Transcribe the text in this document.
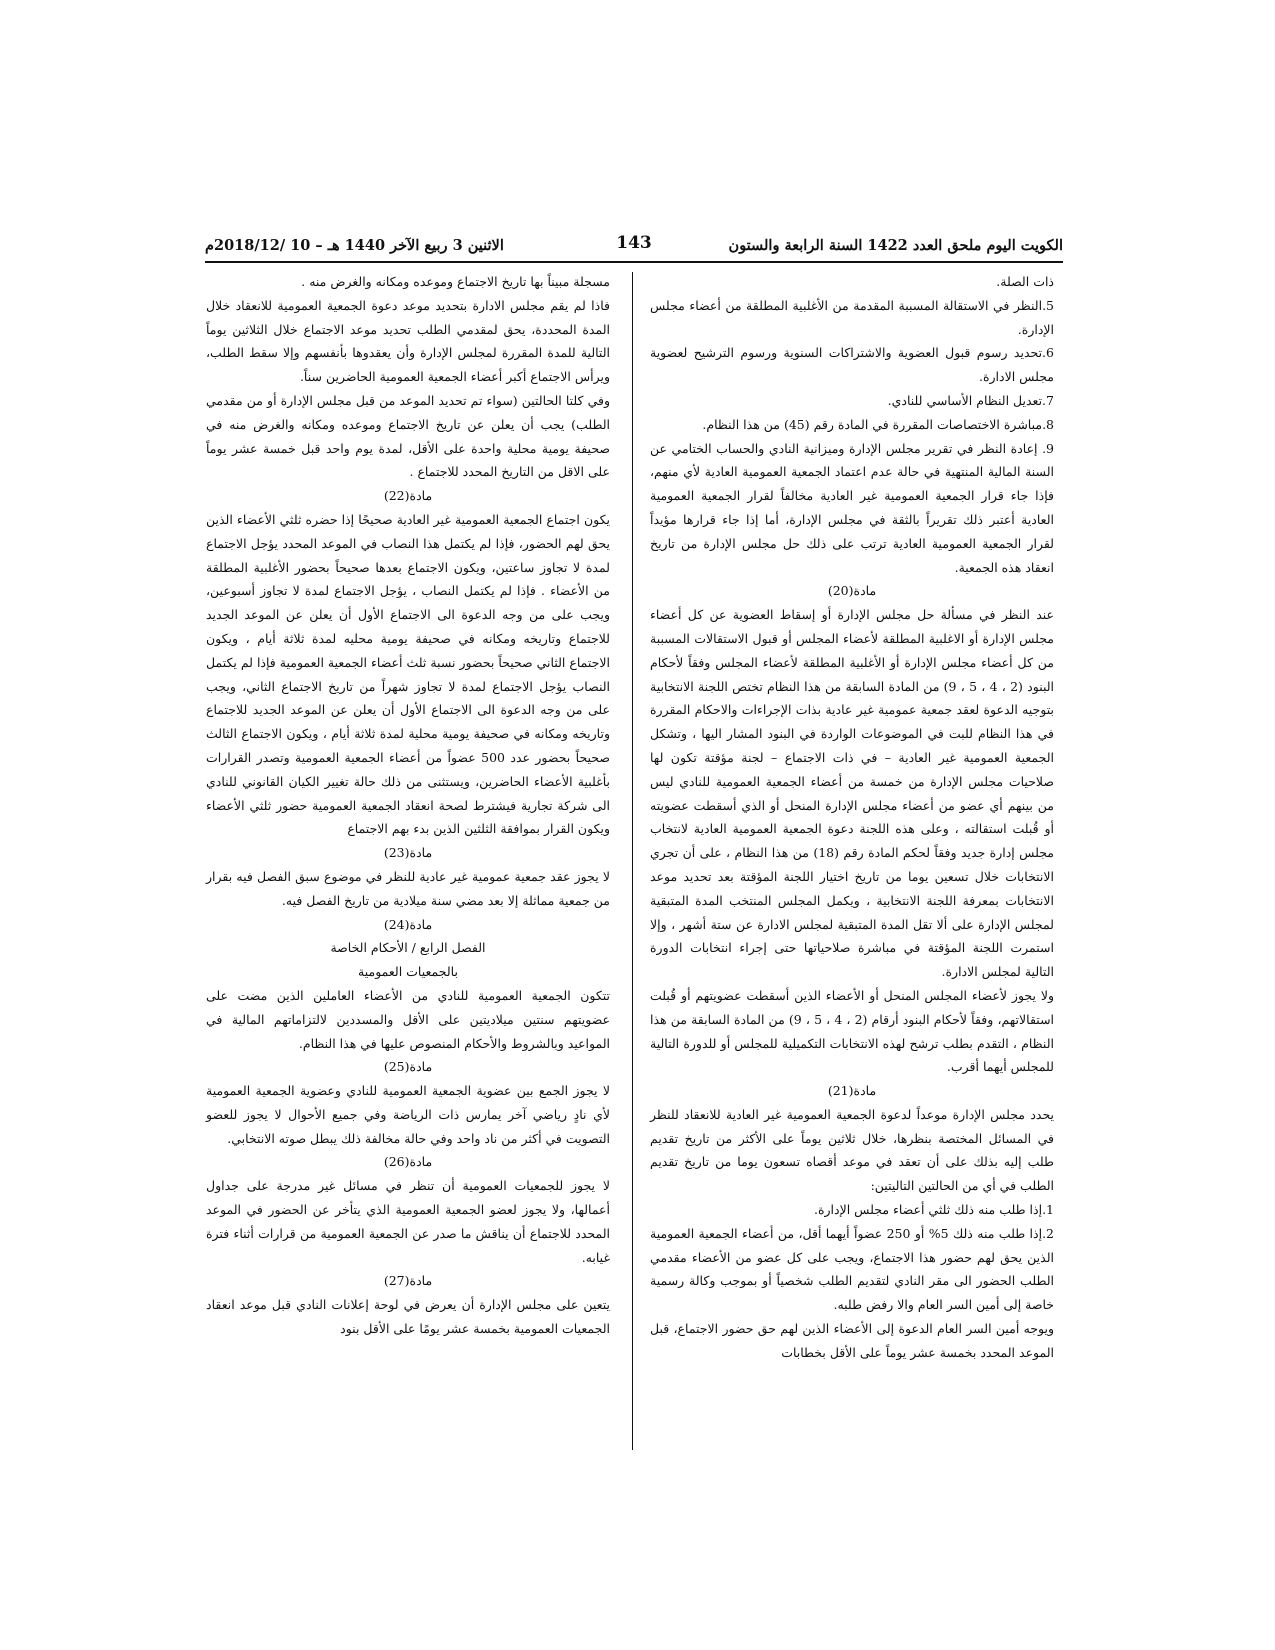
الكويت اليوم ملحق العدد 1422 السنة الرابعة والستون
143
الاثنين 3 ربيع الآخر 1440 هـ – 10 /2018/12م

ذات الصلة.

5.النظر في الاستقالة المسببة المقدمة من الأغلبية المطلقة من أعضاء مجلس الإدارة.

6.تحديد رسوم قبول العضوية والاشتراكات السنوية ورسوم الترشيح لعضوية مجلس الادارة.

7.تعديل النظام الأساسي للنادي.

8.مباشرة الاختصاصات المقررة في المادة رقم (45) من هذا النظام.

9. إعادة النظر في تقرير مجلس الإدارة وميزانية النادي والحساب الختامي عن السنة المالية المنتهية في حالة عدم اعتماد الجمعية العمومية العادية لأي منهم، فإذا جاء قرار الجمعية العمومية غير العادية مخالفاً لقرار الجمعية العمومية العادية أعتبر ذلك تقريراً بالثقة في مجلس الإدارة، أما إذا جاء قرارها مؤيداً لقرار الجمعية العمومية العادية ترتب على ذلك حل مجلس الإدارة من تاريخ انعقاد هذه الجمعية.

مادة(20)

عند النظر في مسألة حل مجلس الإدارة أو إسقاط العضوية عن كل أعضاء مجلس الإدارة أو الاغلبية المطلقة لأعضاء المجلس أو قبول الاستقالات المسببة من كل أعضاء مجلس الإدارة أو الأغلبية المطلقة لأعضاء المجلس وفقاً لأحكام البنود (2 ، 4 ، 5 ، 9) من المادة السابقة من هذا النظام تختص اللجنة الانتخابية بتوجيه الدعوة لعقد جمعية عمومية غير عادية بذات الإجراءات والاحكام المقررة في هذا النظام للبت في الموضوعات الواردة في البنود المشار اليها ، وتشكل الجمعية العمومية غير العادية – في ذات الاجتماع – لجنة مؤقتة تكون لها صلاحيات مجلس الإدارة من خمسة من أعضاء الجمعية العمومية للنادي ليس من بينهم أي عضو من أعضاء مجلس الإدارة المنحل أو الذي أسقطت عضويته أو قُبلت استقالته ، وعلى هذه اللجنة دعوة الجمعية العمومية العادية لانتخاب مجلس إدارة جديد وفقاً لحكم المادة رقم (18) من هذا النظام ، على أن تجري الانتخابات خلال تسعين يوما من تاريخ اختيار اللجنة المؤقتة بعد تحديد موعد الانتخابات بمعرفة اللجنة الانتخابية ، ويكمل المجلس المنتخب المدة المتبقية لمجلس الإدارة على ألا تقل المدة المتبقية لمجلس الادارة عن ستة أشهر ، وإلا استمرت اللجنة المؤقتة في مباشرة صلاحياتها حتى إجراء انتخابات الدورة التالية لمجلس الادارة.

ولا يجوز لأعضاء المجلس المنحل أو الأعضاء الذين أسقطت عضويتهم أو قُبلت استقالاتهم، وفقاً لأحكام البنود أرقام (2 ، 4 ، 5 ، 9) من المادة السابقة من هذا النظام ، التقدم بطلب ترشح لهذه الانتخابات التكميلية للمجلس أو للدورة التالية للمجلس أيهما أقرب.

مادة(21)

يحدد مجلس الإدارة موعداً لدعوة الجمعية العمومية غير العادية للانعقاد للنظر في المسائل المختصة بنظرها، خلال ثلاثين يوماً على الأكثر من تاريخ تقديم طلب إليه بذلك على أن تعقد في موعد أقصاه تسعون يوما من تاريخ تقديم الطلب في أي من الحالتين التاليتين:

1.إذا طلب منه ذلك ثلثي أعضاء مجلس الإدارة.

2.إذا طلب منه ذلك 5% أو 250 عضواً أيهما أقل، من أعضاء الجمعية العمومية الذين يحق لهم حضور هذا الاجتماع، ويجب على كل عضو من الأعضاء مقدمي الطلب الحضور الى مقر النادي لتقديم الطلب شخصياً أو بموجب وكالة رسمية خاصة إلى أمين السر العام والا رفض طلبه.

ويوجه أمين السر العام الدعوة إلى الأعضاء الذين لهم حق حضور الاجتماع، قبل الموعد المحدد بخمسة عشر يوماً على الأقل بخطابات

مسجلة مبيناً بها تاريخ الاجتماع وموعده ومكانه والغرض منه .

فاذا لم يقم مجلس الادارة بتحديد موعد دعوة الجمعية العمومية للانعقاد خلال المدة المحددة، يحق لمقدمي الطلب تحديد موعد الاجتماع خلال الثلاثين يوماً التالية للمدة المقررة لمجلس الإدارة وأن يعقدوها بأنفسهم وإلا سقط الطلب، ويرأس الاجتماع أكبر أعضاء الجمعية العمومية الحاضرين سناً.

وفي كلتا الحالتين (سواء تم تحديد الموعد من قبل مجلس الإدارة أو من مقدمي الطلب) يجب أن يعلن عن تاريخ الاجتماع وموعده ومكانه والغرض منه في صحيفة يومية محلية واحدة على الأقل، لمدة يوم واحد قبل خمسة عشر يوماً على الاقل من التاريخ المحدد للاجتماع .

مادة(22)

يكون اجتماع الجمعية العمومية غير العادية صحيحًا إذا حضره ثلثي الأعضاء الذين يحق لهم الحضور، فإذا لم يكتمل هذا النصاب في الموعد المحدد يؤجل الاجتماع لمدة لا تجاوز ساعتين، ويكون الاجتماع بعدها صحيحاً بحضور الأغلبية المطلقة من الأعضاء . فإذا لم يكتمل النصاب ، يؤجل الاجتماع لمدة لا تجاوز أسبوعين، ويجب على من وجه الدعوة الى الاجتماع الأول أن يعلن عن الموعد الجديد للاجتماع وتاريخه ومكانه في صحيفة يومية محليه لمدة ثلاثة أيام ، ويكون الاجتماع الثاني صحيحاً بحضور نسبة ثلث أعضاء الجمعية العمومية فإذا لم يكتمل النصاب يؤجل الاجتماع لمدة لا تجاوز شهراً من تاريخ الاجتماع الثاني، ويجب على من وجه الدعوة الى الاجتماع الأول أن يعلن عن الموعد الجديد للاجتماع وتاريخه ومكانه في صحيفة يومية محلية لمدة ثلاثة أيام ، ويكون الاجتماع الثالث صحيحاً بحضور عدد 500 عضواً من أعضاء الجمعية العمومية وتصدر القرارات بأغلبية الأعضاء الحاضرين، ويستثنى من ذلك حالة تغيير الكيان القانوني للنادي الى شركة تجارية فيشترط لصحة انعقاد الجمعية العمومية حضور ثلثي الأعضاء ويكون القرار بموافقة الثلثين الذين بدء بهم الاجتماع

مادة(23)

لا يجوز عقد جمعية عمومية غير عادية للنظر في موضوع سبق الفصل فيه بقرار من جمعية مماثلة إلا بعد مضي سنة ميلادية من تاريخ الفصل فيه.

مادة(24)

الفصل الرابع / الأحكام الخاصة

بالجمعيات العمومية

تتكون الجمعية العمومية للنادي من الأعضاء العاملين الذين مضت على عضويتهم سنتين ميلاديتين على الأقل والمسددين لالتزاماتهم المالية في المواعيد وبالشروط والأحكام المنصوص عليها في هذا النظام.

مادة(25)

لا يجوز الجمع بين عضوية الجمعية العمومية للنادي وعضوية الجمعية العمومية لأي نادٍ رياضي آخر يمارس ذات الرياضة وفي جميع الأحوال لا يجوز للعضو التصويت في أكثر من ناد واحد وفي حالة مخالفة ذلك يبطل صوته الانتخابي.

مادة(26)

لا يجوز للجمعيات العمومية أن تنظر في مسائل غير مدرجة على جداول أعمالها، ولا يجوز لعضو الجمعية العمومية الذي يتأخر عن الحضور في الموعد المحدد للاجتماع أن يناقش ما صدر عن الجمعية العمومية من قرارات أثناء فترة غيابه.

مادة(27)

يتعين على مجلس الإدارة أن يعرض في لوحة إعلانات النادي قبل موعد انعقاد الجمعيات العمومية بخمسة عشر يومًا على الأقل بنود
